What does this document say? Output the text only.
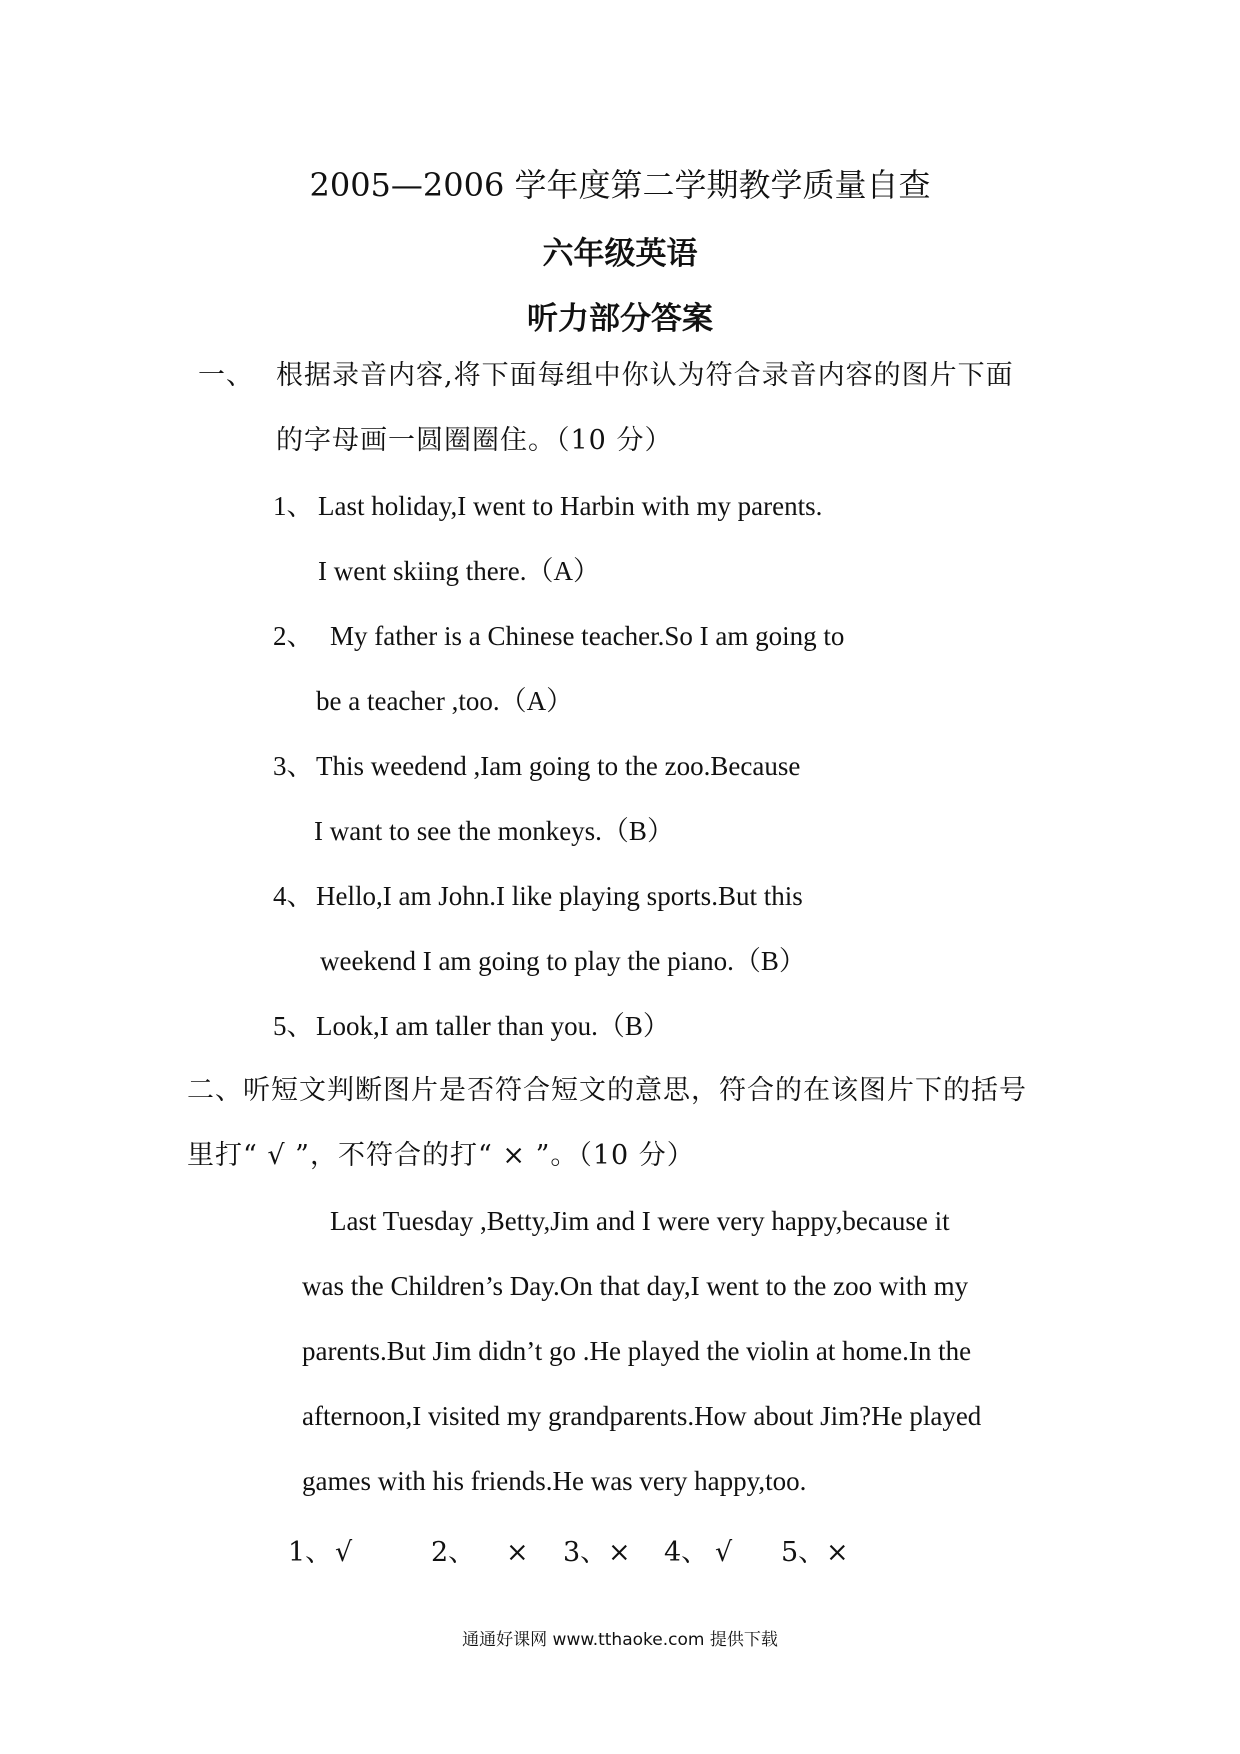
2005—2006 学年度第二学期教学质量自查
六年级英语
听力部分答案
一、 根据录音内容,将下面每组中你认为符合录音内容的图片下面
的字母画一圆圈圈住。（10 分）
1、 Last holiday,I went to Harbin with my parents.
I went skiing there.（A）
2、 My father is a Chinese teacher.So I am going to
be a teacher ,too.（A）
3、 This weedend ,Iam going to the zoo.Because
I want to see the monkeys.（B）
4、 Hello,I am John.I like playing sports.But this
weekend I am going to play the piano.（B）
5、 Look,I am taller than you.（B）
二、听短文判断图片是否符合短文的意思，符合的在该图片下的括号
里打“ √ ”，不符合的打“ × ”。（10 分）
Last Tuesday ,Betty,Jim and I were very happy,because it
was the Children’s Day.On that day,I went to the zoo with my
parents.But Jim didn’t go .He played the violin at home.In the
afternoon,I visited my grandparents.How about Jim?He played
games with his friends.He was very happy,too.
1、 √	2、 × 3、 × 4、 √ 5、 ×
通通好课网 www.tthaoke.com 提供下载
